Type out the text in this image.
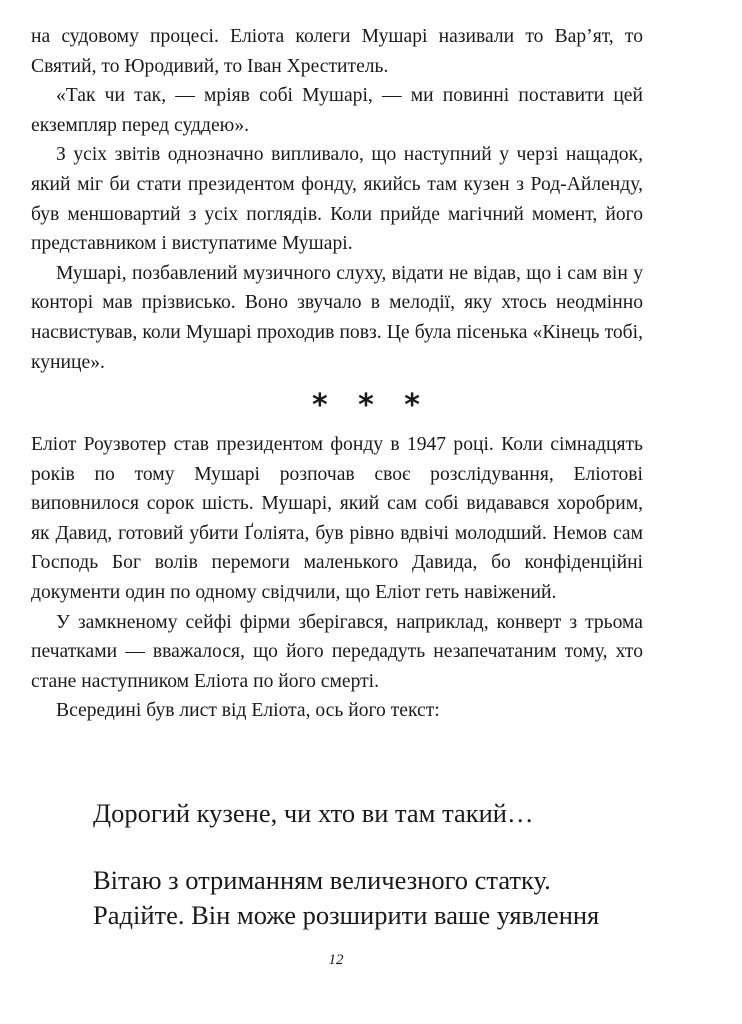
на судовому процесі. Еліота колеги Мушарі називали то Вар’ят, то Святий, то Юродивий, то Іван Хреститель.

«Так чи так, — мріяв собі Мушарі, — ми повинні поставити цей екземпляр перед суддею».

З усіх звітів однозначно випливало, що наступний у черзі нащадок, який міг би стати президентом фонду, якийсь там кузен з Род-Айленду, був меншовартий з усіх поглядів. Коли прийде магічний момент, його представником і виступатиме Мушарі.

Мушарі, позбавлений музичного слуху, відати не відав, що і сам він у конторі мав прізвисько. Воно звучало в мелодії, яку хтось неодмінно насвистував, коли Мушарі проходив повз. Це була пісенька «Кінець тобі, кунице».

* * *

Еліот Роузвотер став президентом фонду в 1947 році. Коли сімнадцять років по тому Мушарі розпочав своє розслідування, Еліотові виповнилося сорок шість. Мушарі, який сам собі видавався хоробрим, як Давид, готовий убити Ґоліята, був рівно вдвічі молодший. Немов сам Господь Бог волів перемоги маленького Давида, бо конфіденційні документи один по одному свідчили, що Еліот геть навіжений.

У замкненому сейфі фірми зберігався, наприклад, конверт з трьома печатками — вважалося, що його передадуть незапечатаним тому, хто стане наступником Еліота по його смерті.

Всередині був лист від Еліота, ось його текст:

Дорогий кузене, чи хто ви там такий…
Вітаю з отриманням величезного статку.
Радійте. Він може розширити ваше уявлення
12
